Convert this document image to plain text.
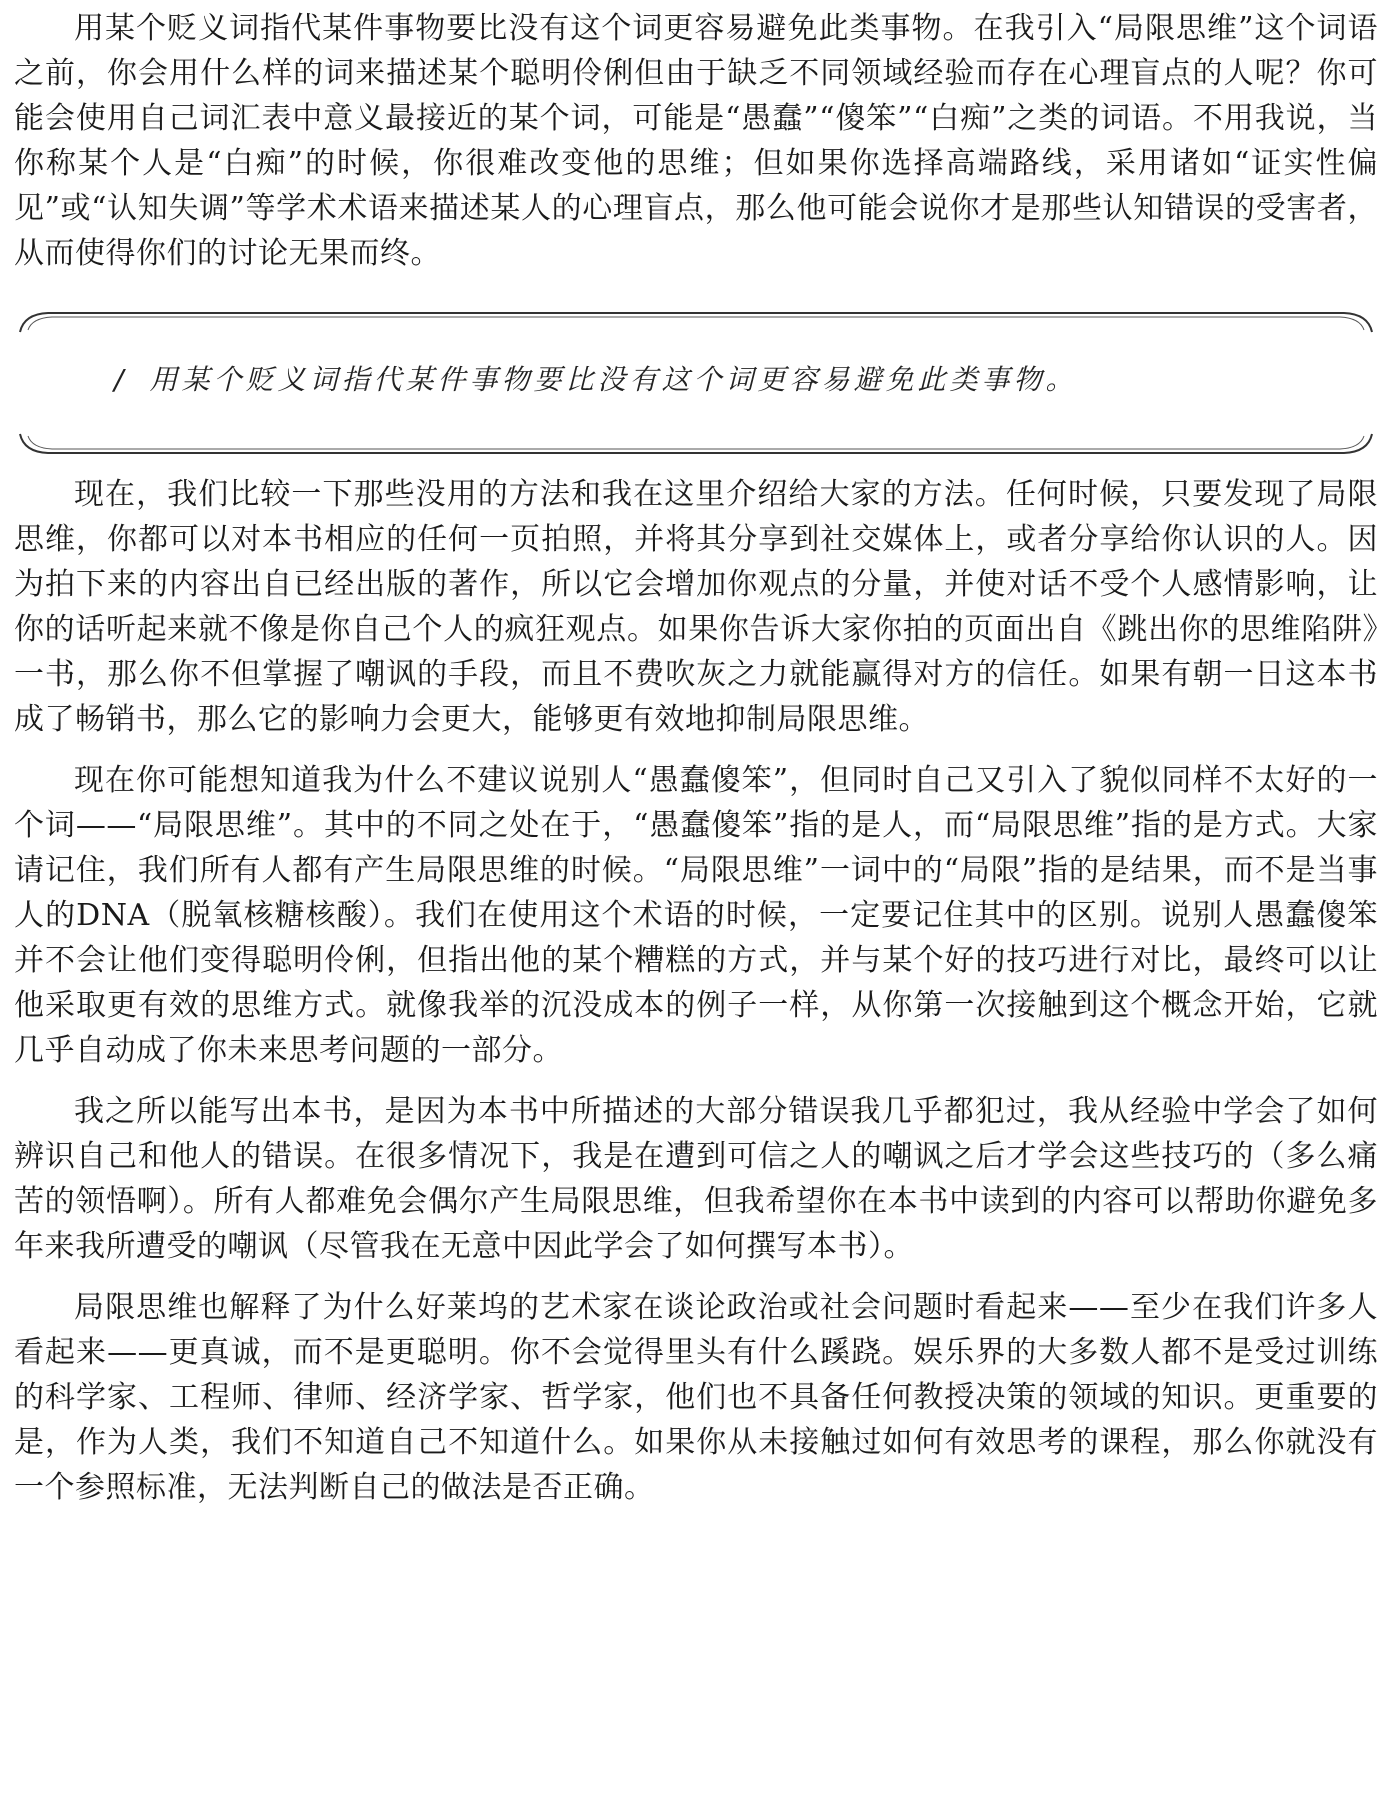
用某个贬义词指代某件事物要比没有这个词更容易避免此类事物。在我引入“局限思维”这个词语之前，你会用什么样的词来描述某个聪明伶俐但由于缺乏不同领域经验而存在心理盲点的人呢？你可能会使用自己词汇表中意义最接近的某个词，可能是“愚蠢”“傻笨”“白痴”之类的词语。不用我说，当你称某个人是“白痴”的时候，你很难改变他的思维；但如果你选择高端路线，采用诸如“证实性偏见”或“认知失调”等学术术语来描述某人的心理盲点，那么他可能会说你才是那些认知错误的受害者，从而使得你们的讨论无果而终。

/ 用某个贬义词指代某件事物要比没有这个词更容易避免此类事物。

现在，我们比较一下那些没用的方法和我在这里介绍给大家的方法。任何时候，只要发现了局限思维，你都可以对本书相应的任何一页拍照，并将其分享到社交媒体上，或者分享给你认识的人。因为拍下来的内容出自已经出版的著作，所以它会增加你观点的分量，并使对话不受个人感情影响，让你的话听起来就不像是你自己个人的疯狂观点。如果你告诉大家你拍的页面出自《跳出你的思维陷阱》一书，那么你不但掌握了嘲讽的手段，而且不费吹灰之力就能赢得对方的信任。如果有朝一日这本书成了畅销书，那么它的影响力会更大，能够更有效地抑制局限思维。

现在你可能想知道我为什么不建议说别人“愚蠢傻笨”，但同时自己又引入了貌似同样不太好的一个词——“局限思维”。其中的不同之处在于，“愚蠢傻笨”指的是人，而“局限思维”指的是方式。大家请记住，我们所有人都有产生局限思维的时候。“局限思维”一词中的“局限”指的是结果，而不是当事人的DNA（脱氧核糖核酸）。我们在使用这个术语的时候，一定要记住其中的区别。说别人愚蠢傻笨并不会让他们变得聪明伶俐，但指出他的某个糟糕的方式，并与某个好的技巧进行对比，最终可以让他采取更有效的思维方式。就像我举的沉没成本的例子一样，从你第一次接触到这个概念开始，它就几乎自动成了你未来思考问题的一部分。

我之所以能写出本书，是因为本书中所描述的大部分错误我几乎都犯过，我从经验中学会了如何辨识自己和他人的错误。在很多情况下，我是在遭到可信之人的嘲讽之后才学会这些技巧的（多么痛苦的领悟啊）。所有人都难免会偶尔产生局限思维，但我希望你在本书中读到的内容可以帮助你避免多年来我所遭受的嘲讽（尽管我在无意中因此学会了如何撰写本书）。

局限思维也解释了为什么好莱坞的艺术家在谈论政治或社会问题时看起来——至少在我们许多人看起来——更真诚，而不是更聪明。你不会觉得里头有什么蹊跷。娱乐界的大多数人都不是受过训练的科学家、工程师、律师、经济学家、哲学家，他们也不具备任何教授决策的领域的知识。更重要的是，作为人类，我们不知道自己不知道什么。如果你从未接触过如何有效思考的课程，那么你就没有一个参照标准，无法判断自己的做法是否正确。
